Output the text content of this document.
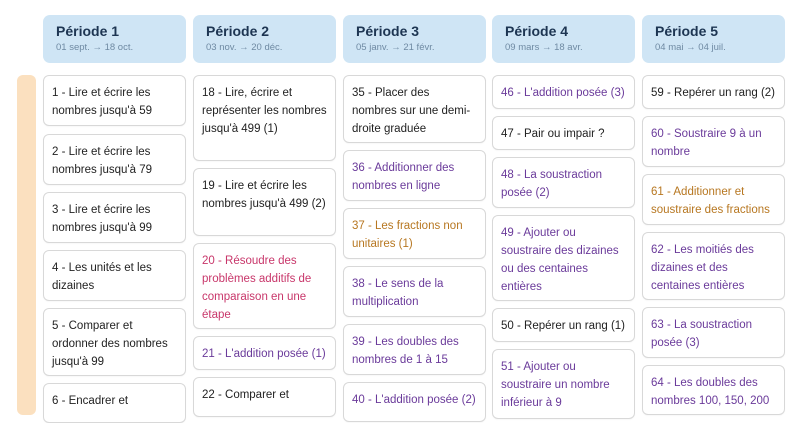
Période 1
01 sept. → 18 oct.
1 - Lire et écrire les nombres jusqu'à 59
2 - Lire et écrire les nombres jusqu'à 79
3 - Lire et écrire les nombres jusqu'à 99
4 - Les unités et les dizaines
5 - Comparer et ordonner des nombres jusqu'à 99
6 - Encadrer et
Période 2
03 nov. → 20 déc.
18 - Lire, écrire et représenter les nombres jusqu'à 499 (1)
19 - Lire et écrire les nombres jusqu'à 499 (2)
20 - Résoudre des problèmes additifs de comparaison en une étape
21 - L'addition posée (1)
22 - Comparer et
Période 3
05 janv. → 21 févr.
35 - Placer des nombres sur une demi-droite graduée
36 - Additionner des nombres en ligne
37 - Les fractions non unitaires (1)
38 - Le sens de la multiplication
39 - Les doubles des nombres de 1 à 15
40 - L'addition posée (2)
Période 4
09 mars → 18 avr.
46 - L'addition posée (3)
47 - Pair ou impair ?
48 - La soustraction posée (2)
49 - Ajouter ou soustraire des dizaines ou des centaines entières
50 - Repérer un rang (1)
51 - Ajouter ou soustraire un nombre inférieur à 9
Période 5
04 mai → 04 juil.
59 - Repérer un rang (2)
60 - Soustraire 9 à un nombre
61 - Additionner et soustraire des fractions
62 - Les moitiés des dizaines et des centaines entières
63 - La soustraction posée (3)
64 - Les doubles des nombres 100, 150, 200
